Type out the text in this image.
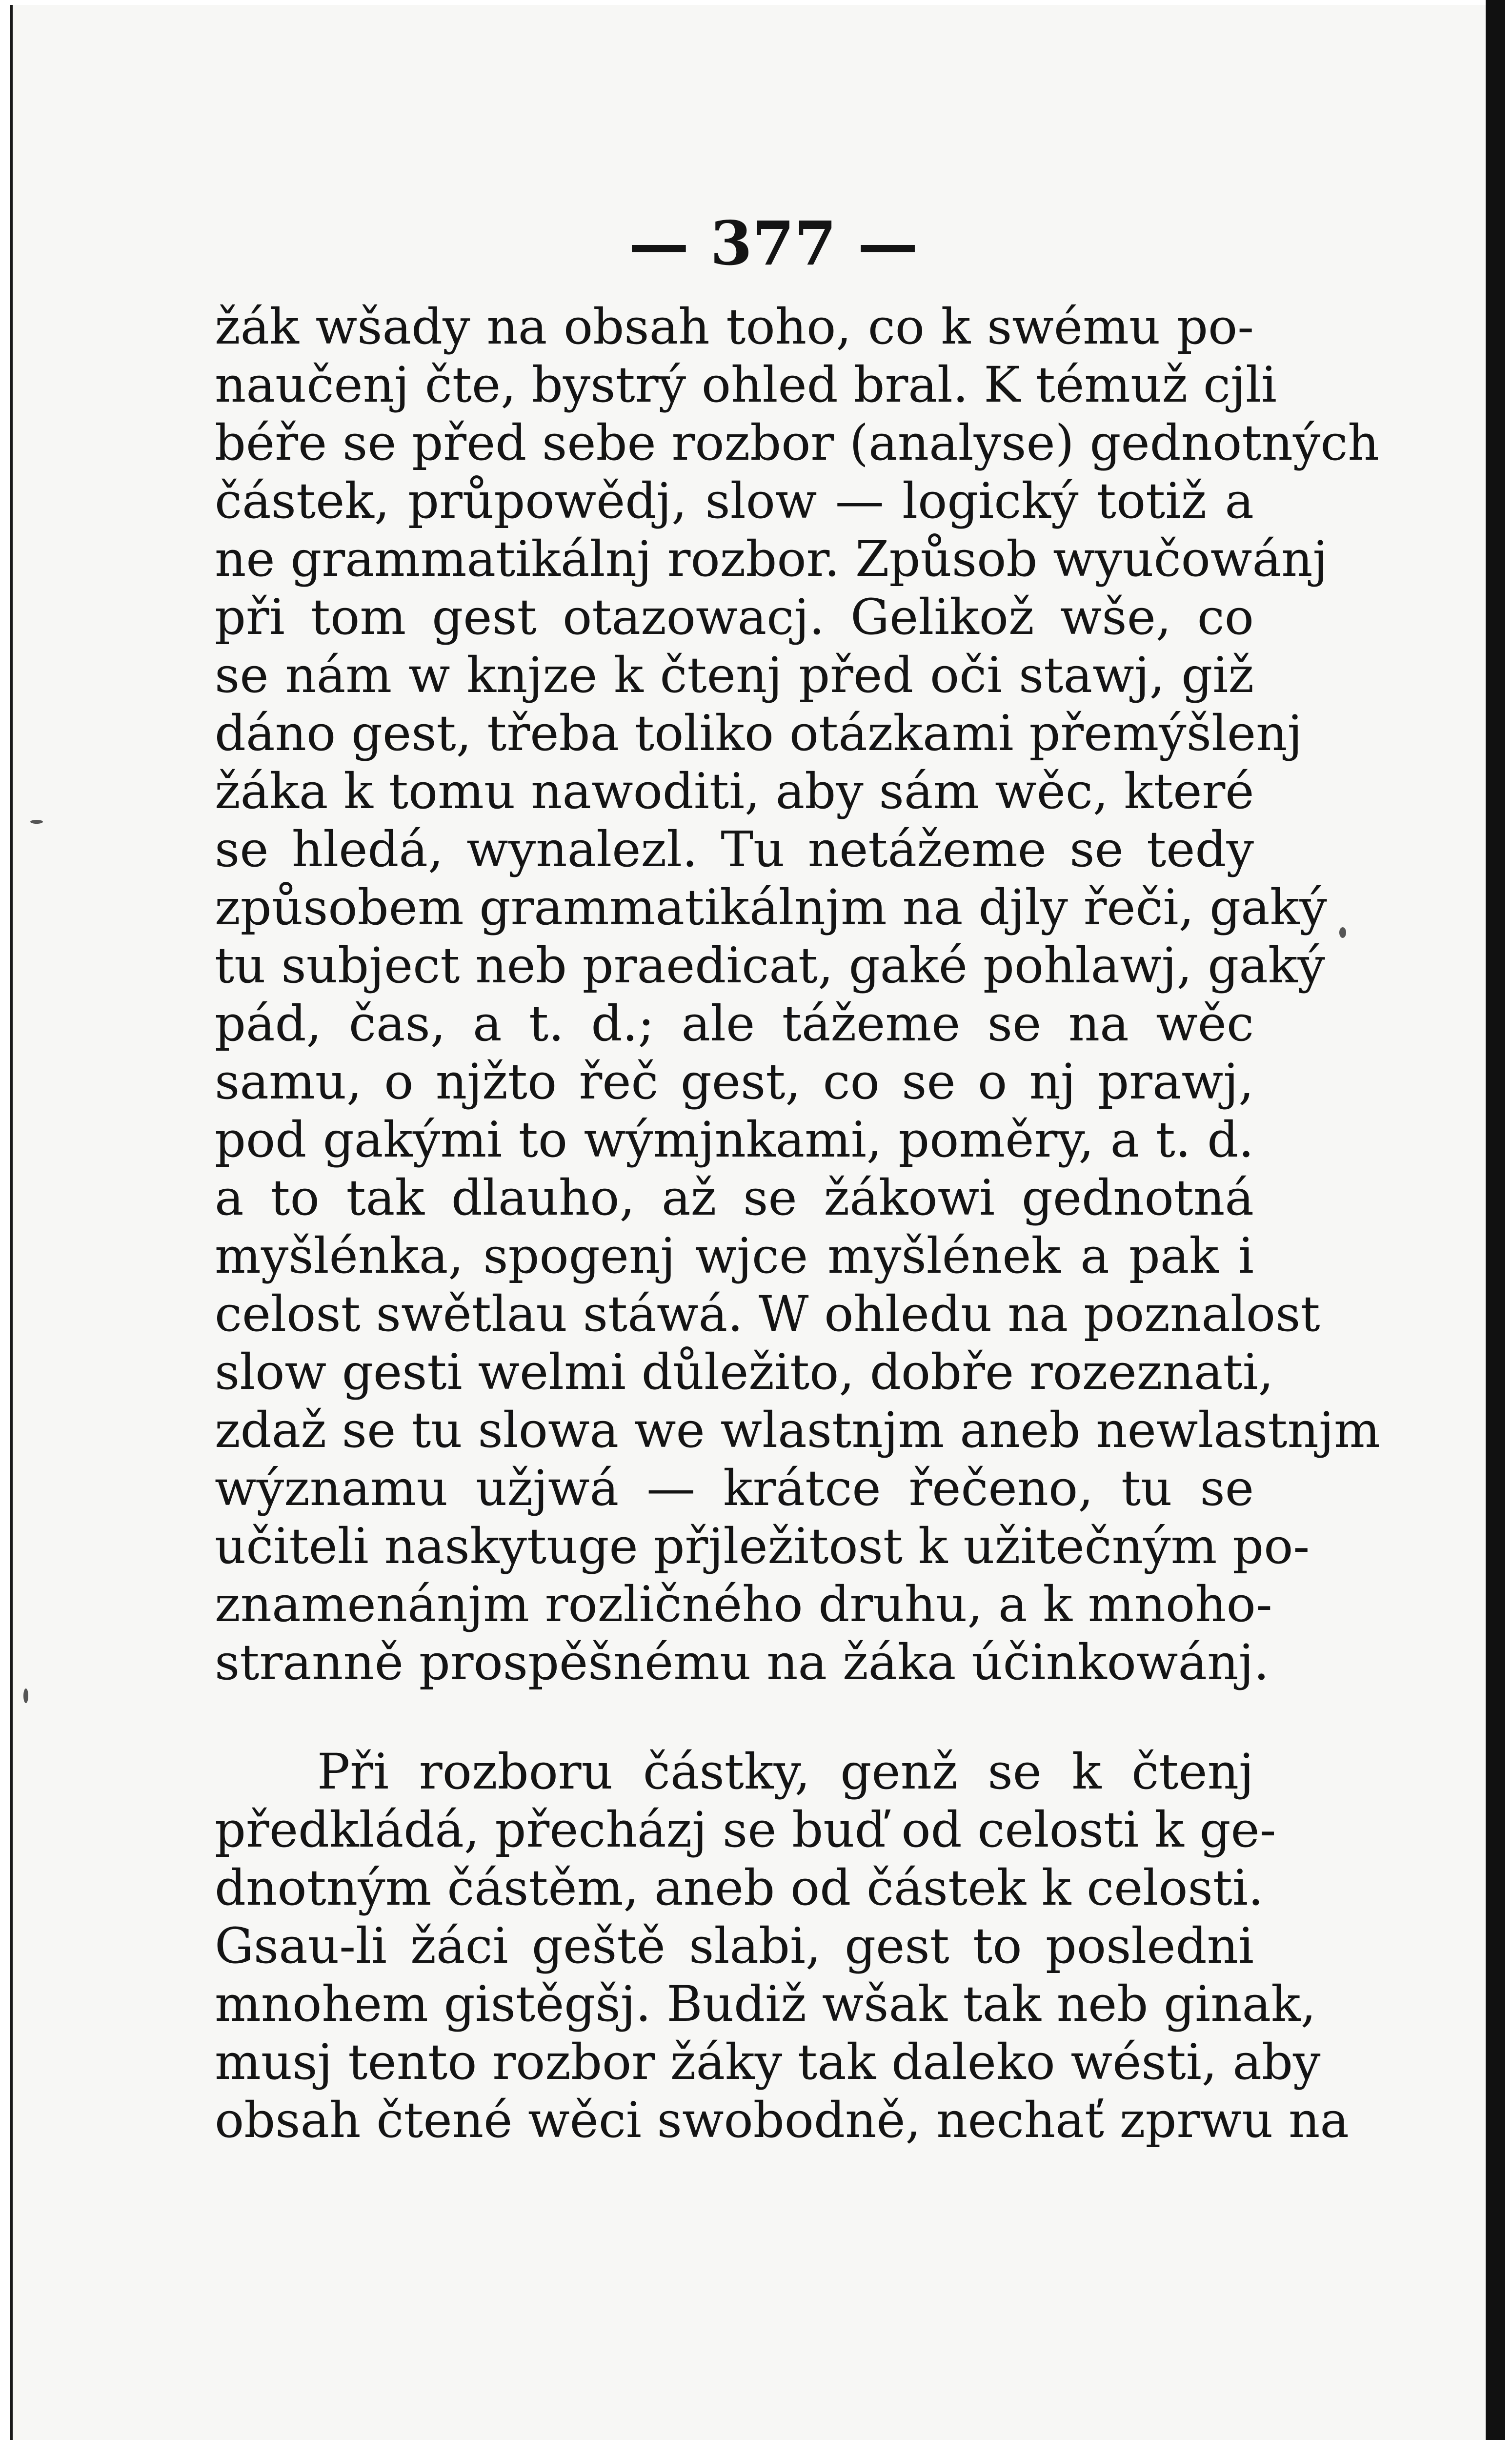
— 377 —
žák wšady na obsah toho, co k swému po-
naučenj čte, bystrý ohled bral. K témuž cjli
béře se před sebe rozbor (analyse) gednotných
částek, průpowědj, slow — logický totiž a
ne grammatikálnj rozbor. Způsob wyučowánj
při tom gest otazowacj. Gelikož wše, co
se nám w knjze k čtenj před oči stawj, giž
dáno gest, třeba toliko otázkami přemýšlenj
žáka k tomu nawoditi, aby sám wěc, které
se hledá, wynalezl. Tu netážeme se tedy
způsobem grammatikálnjm na djly řeči, gaký
tu subject neb praedicat, gaké pohlawj, gaký
pád, čas, a t. d.; ale tážeme se na wěc
samu, o njžto řeč gest, co se o nj prawj,
pod gakými to wýmjnkami, poměry, a t. d.
a to tak dlauho, až se žákowi gednotná
myšlénka, spogenj wjce myšlének a pak i
celost swětlau stáwá. W ohledu na poznalost
slow gesti welmi důležito, dobře rozeznati,
zdaž se tu slowa we wlastnjm aneb newlastnjm
wýznamu užjwá — krátce řečeno, tu se
učiteli naskytuge přjležitost k užitečným po-
znamenánjm rozličného druhu, a k mnoho-
stranně prospěšnému na žáka účinkowánj.
Při rozboru částky, genž se k čtenj
předkládá, přecházj se buď od celosti k ge-
dnotným částěm, aneb od částek k celosti.
Gsau-li žáci geště slabi, gest to posledni
mnohem gistěgšj. Budiž wšak tak neb ginak,
musj tento rozbor žáky tak daleko wésti, aby
obsah čtené wěci swobodně, nechať zprwu na
